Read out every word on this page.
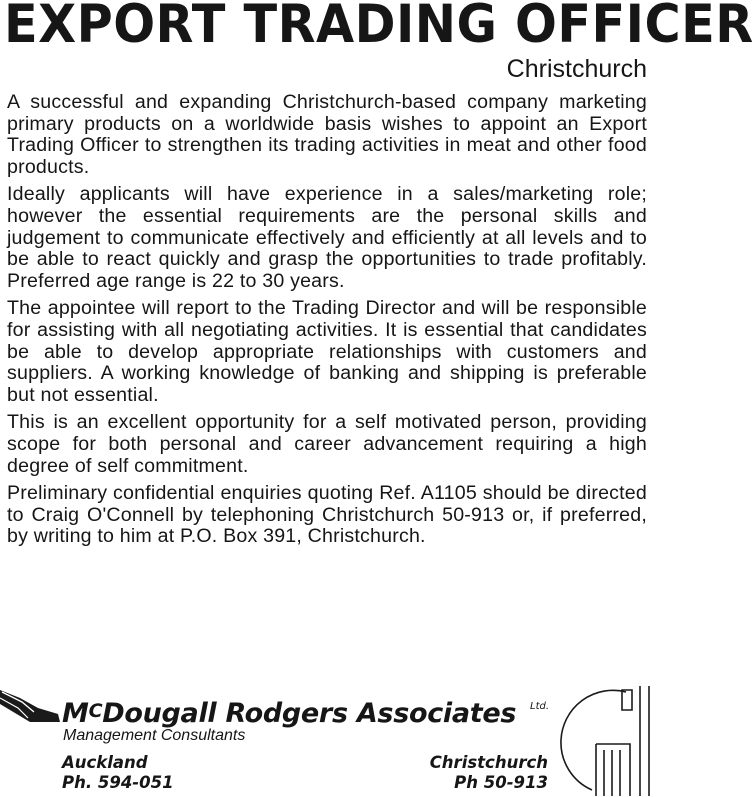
EXPORT TRADING OFFICER
Christchurch

A successful and expanding Christchurch-based company marketing primary products on a worldwide basis wishes to appoint an Export Trading Officer to strengthen its trading activities in meat and other food products.

Ideally applicants will have experience in a sales/marketing role; however the essential requirements are the personal skills and judgement to communicate effectively and efficiently at all levels and to be able to react quickly and grasp the opportunities to trade profitably. Preferred age range is 22 to 30 years.

The appointee will report to the Trading Director and will be responsible for assisting with all negotiating activities. It is essential that candidates be able to develop appropriate relationships with customers and suppliers. A working knowledge of banking and shipping is preferable but not essential.

This is an excellent opportunity for a self motivated person, providing scope for both personal and career advancement requiring a high degree of self commitment.

Preliminary confidential enquiries quoting Ref. A1105 should be directed to Craig O'Connell by telephoning Christchurch 50-913 or, if preferred, by writing to him at P.O. Box 391, Christchurch.

MCDougall Rodgers Associates Ltd.
Management Consultants
Auckland
Ph. 594-051
Christchurch
Ph 50-913
